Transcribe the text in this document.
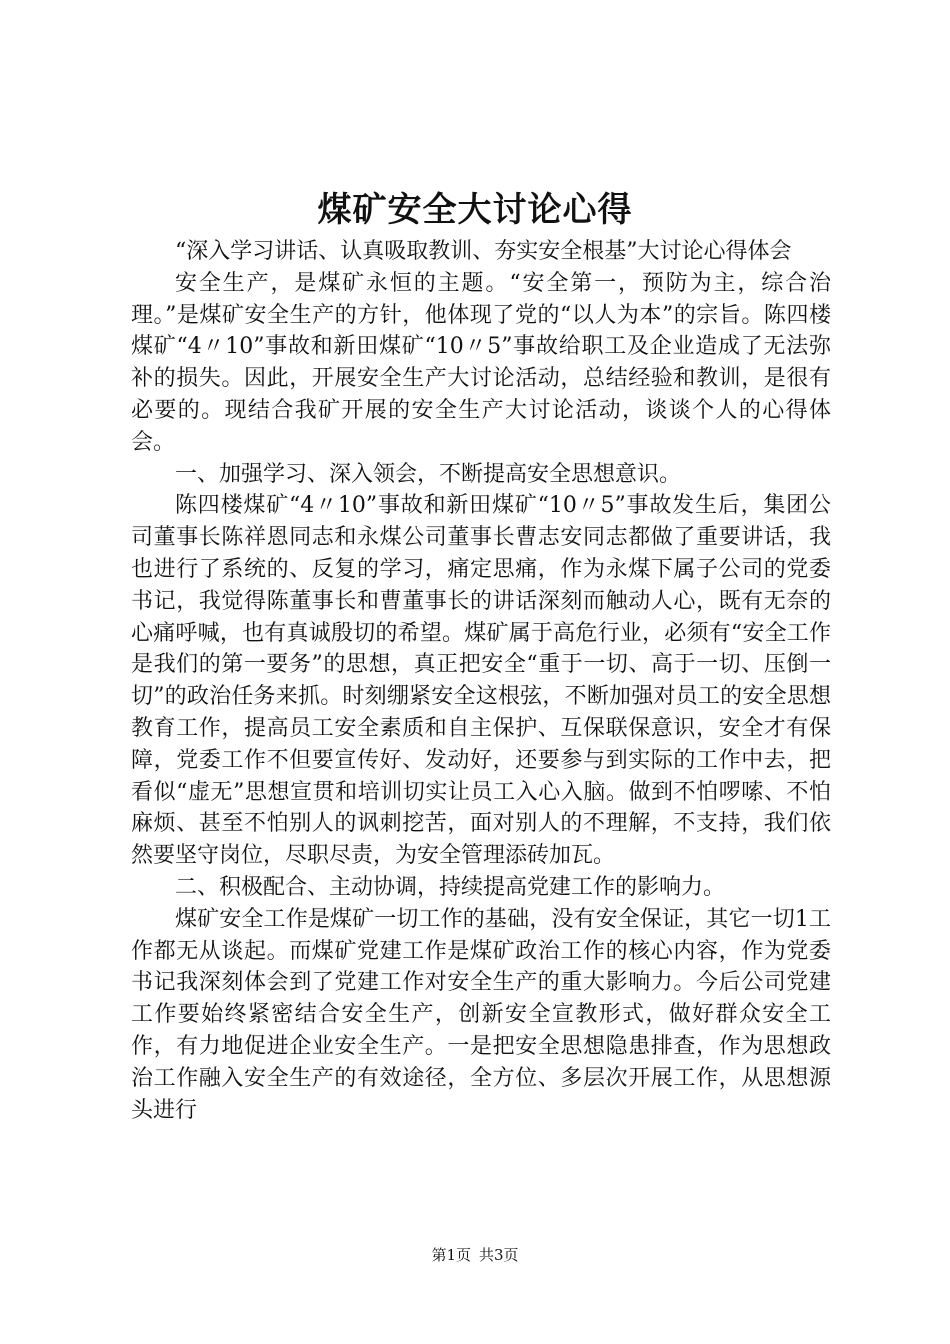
煤矿安全大讨论心得

“深入学习讲话、认真吸取教训、夯实安全根基”大讨论心得体会

安全生产，是煤矿永恒的主题。“安全第一，预防为主，综合治理。”是煤矿安全生产的方针，他体现了党的“以人为本”的宗旨。陈四楼煤矿“4〃10”事故和新田煤矿“10〃5”事故给职工及企业造成了无法弥补的损失。因此，开展安全生产大讨论活动，总结经验和教训，是很有必要的。现结合我矿开展的安全生产大讨论活动，谈谈个人的心得体会。

一、加强学习、深入领会，不断提高安全思想意识。

陈四楼煤矿“4〃10”事故和新田煤矿“10〃5”事故发生后，集团公司董事长陈祥恩同志和永煤公司董事长曹志安同志都做了重要讲话，我也进行了系统的、反复的学习，痛定思痛，作为永煤下属子公司的党委书记，我觉得陈董事长和曹董事长的讲话深刻而触动人心，既有无奈的心痛呼喊，也有真诚殷切的希望。煤矿属于高危行业，必须有“安全工作是我们的第一要务”的思想，真正把安全“重于一切、高于一切、压倒一切”的政治任务来抓。时刻绷紧安全这根弦，不断加强对员工的安全思想教育工作，提高员工安全素质和自主保护、互保联保意识，安全才有保障，党委工作不但要宣传好、发动好，还要参与到实际的工作中去，把看似“虚无”思想宣贯和培训切实让员工入心入脑。做到不怕啰嗦、不怕麻烦、甚至不怕别人的讽刺挖苦，面对别人的不理解，不支持，我们依然要坚守岗位，尽职尽责，为安全管理添砖加瓦。

二、积极配合、主动协调，持续提高党建工作的影响力。

煤矿安全工作是煤矿一切工作的基础，没有安全保证，其它一切1工作都无从谈起。而煤矿党建工作是煤矿政治工作的核心内容，作为党委书记我深刻体会到了党建工作对安全生产的重大影响力。今后公司党建工作要始终紧密结合安全生产，创新安全宣教形式，做好群众安全工作，有力地促进企业安全生产。一是把安全思想隐患排查，作为思想政治工作融入安全生产的有效途径，全方位、多层次开展工作，从思想源头进行

第1页 共3页
